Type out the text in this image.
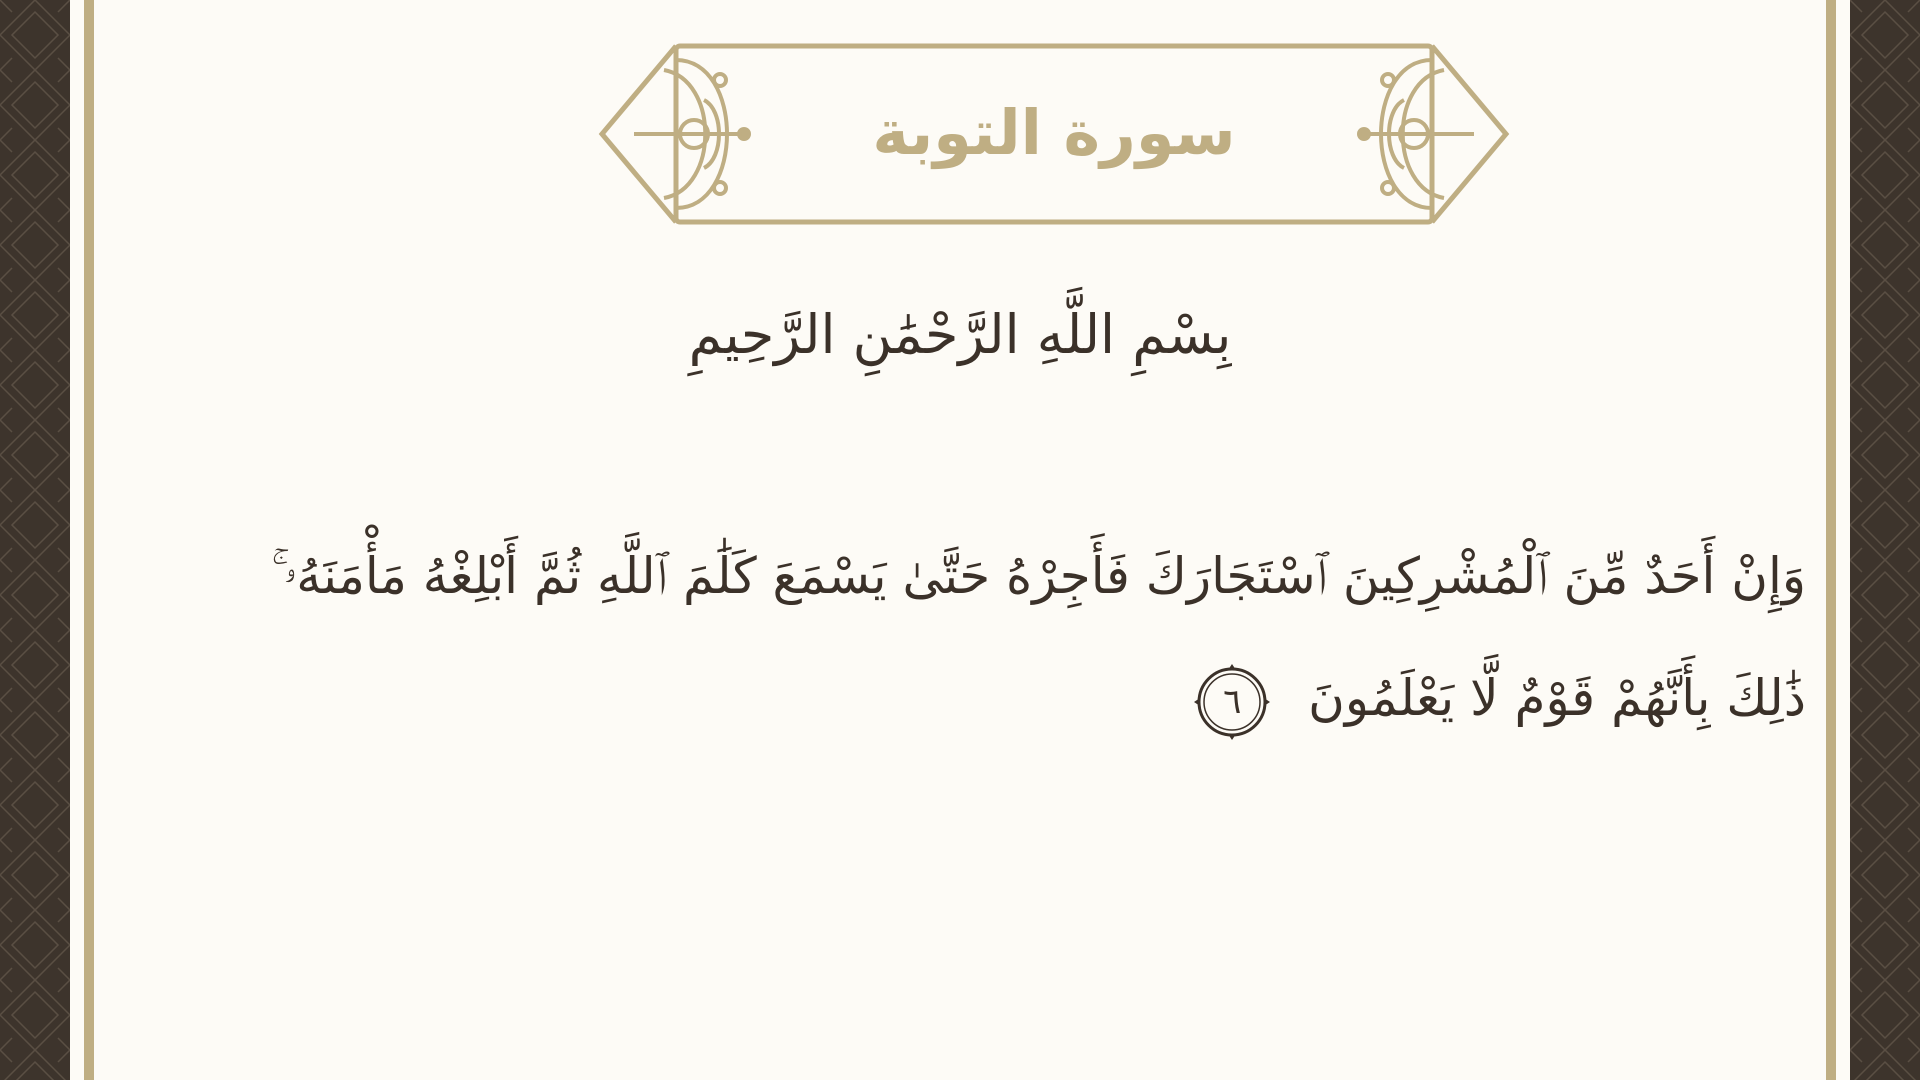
سورة التوبة
بِسْمِ اللَّهِ الرَّحْمَٰنِ الرَّحِيمِ
وَإِنْ أَحَدٌ مِّنَ ٱلْمُشْرِكِينَ ٱسْتَجَارَكَ فَأَجِرْهُ حَتَّىٰ يَسْمَعَ كَلَٰمَ ٱللَّهِ ثُمَّ أَبْلِغْهُ مَأْمَنَهُۥ ۚ ذَٰلِكَ بِأَنَّهُمْ قَوْمٌ لَّا يَعْلَمُونَ
٦
